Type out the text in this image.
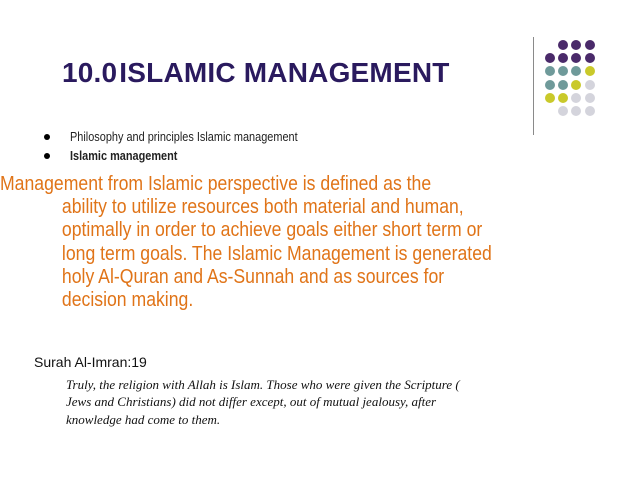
10.0ISLAMIC MANAGEMENT
Philosophy and principles Islamic management
Islamic management
Management from Islamic perspective is defined as the
ability to utilize resources both material and human,
optimally in order to achieve goals either short term or
long term goals. The Islamic Management is generated
holy Al-Quran and As-Sunnah and as sources for
decision making.
Surah Al-Imran:19
Truly, the religion with Allah is Islam. Those who were given the Scripture (
Jews and Christians) did not differ except, out of mutual jealousy, after
knowledge had come to them.
